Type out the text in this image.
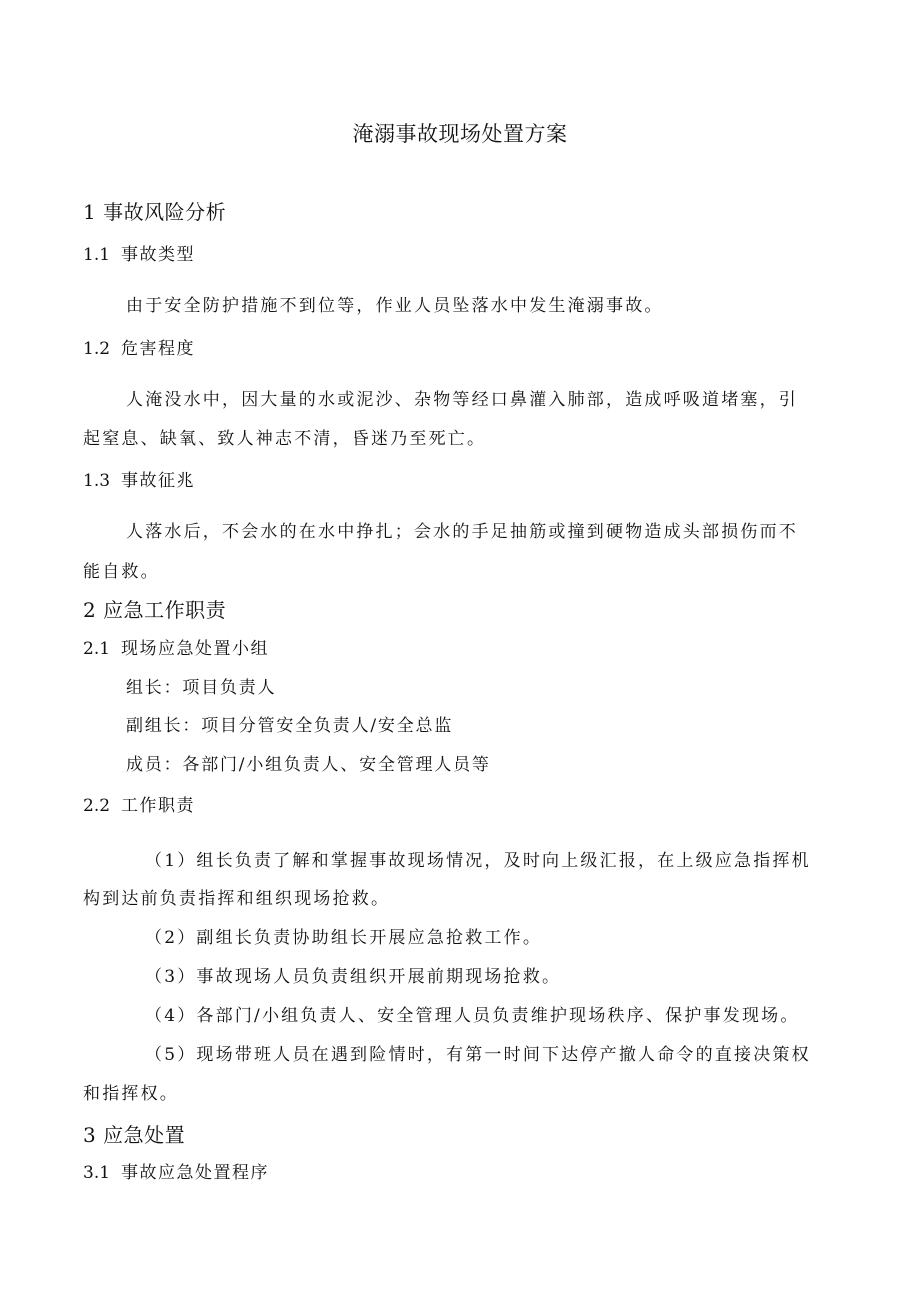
淹溺事故现场处置方案
1 事故风险分析
1.1 事故类型
由于安全防护措施不到位等，作业人员坠落水中发生淹溺事故。
1.2 危害程度
人淹没水中，因大量的水或泥沙、杂物等经口鼻灌入肺部，造成呼吸道堵塞，引
起窒息、缺氧、致人神志不清，昏迷乃至死亡。
1.3 事故征兆
人落水后，不会水的在水中挣扎；会水的手足抽筋或撞到硬物造成头部损伤而不
能自救。
2 应急工作职责
2.1 现场应急处置小组
组长：项目负责人
副组长：项目分管安全负责人/安全总监
成员：各部门/小组负责人、安全管理人员等
2.2 工作职责
（1）组长负责了解和掌握事故现场情况，及时向上级汇报，在上级应急指挥机
构到达前负责指挥和组织现场抢救。
（2）副组长负责协助组长开展应急抢救工作。
（3）事故现场人员负责组织开展前期现场抢救。
（4）各部门/小组负责人、安全管理人员负责维护现场秩序、保护事发现场。
（5）现场带班人员在遇到险情时，有第一时间下达停产撤人命令的直接决策权
和指挥权。
3 应急处置
3.1 事故应急处置程序
